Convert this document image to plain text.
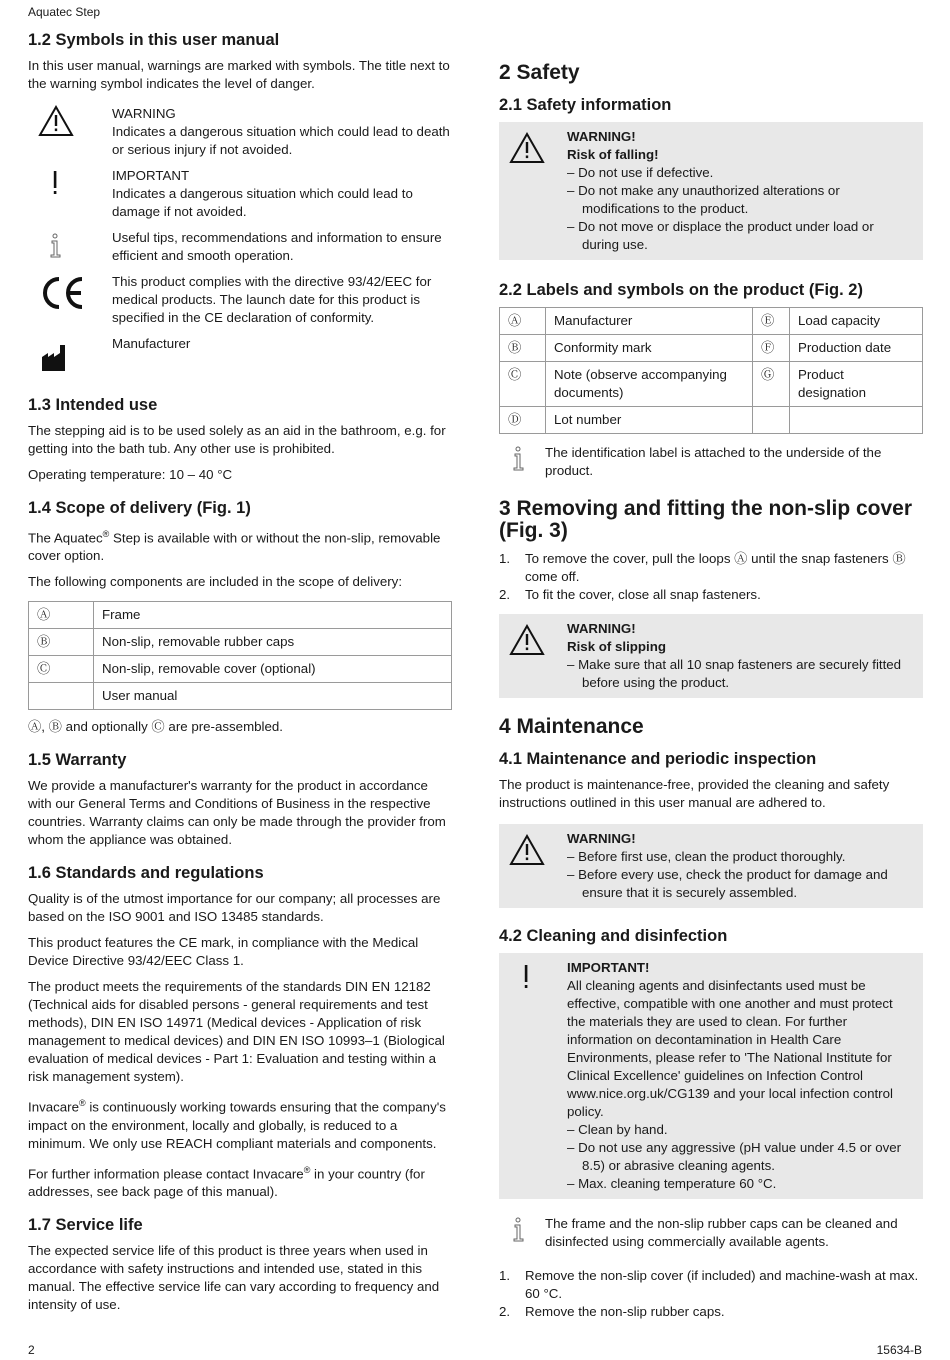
Aquatec Step
1.2 Symbols in this user manual

In this user manual, warnings are marked with symbols. The title next to the warning symbol indicates the level of danger.

WARNING
Indicates a dangerous situation which could lead to death or serious injury if not avoided.
IMPORTANT
Indicates a dangerous situation which could lead to damage if not avoided.
Useful tips, recommendations and information to ensure efficient and smooth operation.
This product complies with the directive 93/42/EEC for medical products. The launch date for this product is specified in the CE declaration of conformity.
Manufacturer
1.3 Intended use

The stepping aid is to be used solely as an aid in the bathroom, e.g. for getting into the bath tub. Any other use is prohibited.

Operating temperature: 10 – 40 °C

1.4 Scope of delivery (Fig. 1)

The Aquatec® Step is available with or without the non-slip, removable cover option.

The following components are included in the scope of delivery:

Ⓐ	Frame
Ⓑ	Non-slip, removable rubber caps
Ⓒ	Non-slip, removable cover (optional)
	User manual

Ⓐ, Ⓑ and optionally Ⓒ are pre-assembled.

1.5 Warranty

We provide a manufacturer's warranty for the product in accordance with our General Terms and Conditions of Business in the respective countries. Warranty claims can only be made through the provider from whom the appliance was obtained.

1.6 Standards and regulations

Quality is of the utmost importance for our company; all processes are based on the ISO 9001 and ISO 13485 standards.

This product features the CE mark, in compliance with the Medical Device Directive 93/42/EEC Class 1.

The product meets the requirements of the standards DIN EN 12182 (Technical aids for disabled persons - general requirements and test methods), DIN EN ISO 14971 (Medical devices - Application of risk management to medical devices) and DIN EN ISO 10993–1 (Biological evaluation of medical devices - Part 1: Evaluation and testing within a risk management system).

Invacare® is continuously working towards ensuring that the company's impact on the environment, locally and globally, is reduced to a minimum. We only use REACH compliant materials and components.

For further information please contact Invacare® in your country (for addresses, see back page of this manual).

1.7 Service life

The expected service life of this product is three years when used in accordance with safety instructions and intended use, stated in this manual. The effective service life can vary according to frequency and intensity of use.

2 Safety
2.1 Safety information
WARNING!
Risk of falling!
– Do not use if defective.
– Do not make any unauthorized alterations or modifications to the product.
– Do not move or displace the product under load or during use.
2.2 Labels and symbols on the product (Fig. 2)
Ⓐ	Manufacturer	Ⓔ	Load capacity
Ⓑ	Conformity mark	Ⓕ	Production date
Ⓒ	Note (observe accompanying documents)	Ⓖ	Product designation
Ⓓ	Lot number		
The identification label is attached to the underside of the product.
3 Removing and fitting the non-slip cover (Fig. 3)
1.	To remove the cover, pull the loops Ⓐ until the snap fasteners Ⓑ come off.
2.	To fit the cover, close all snap fasteners.
WARNING!
Risk of slipping
– Make sure that all 10 snap fasteners are securely fitted before using the product.
4 Maintenance
4.1 Maintenance and periodic inspection

The product is maintenance-free, provided the cleaning and safety instructions outlined in this user manual are adhered to.

WARNING!
– Before first use, clean the product thoroughly.
– Before every use, check the product for damage and ensure that it is securely assembled.
4.2 Cleaning and disinfection
IMPORTANT!
All cleaning agents and disinfectants used must be effective, compatible with one another and must protect the materials they are used to clean. For further information on decontamination in Health Care Environments, please refer to 'The National Institute for Clinical Excellence' guidelines on Infection Control www.nice.org.uk/CG139 and your local infection control policy.
– Clean by hand.
– Do not use any aggressive (pH value under 4.5 or over 8.5) or abrasive cleaning agents.
– Max. cleaning temperature 60 °C.
The frame and the non-slip rubber caps can be cleaned and disinfected using commercially available agents.
1.	Remove the non-slip cover (if included) and machine-wash at max. 60 °C.
2.	Remove the non-slip rubber caps.
2	15634-B
